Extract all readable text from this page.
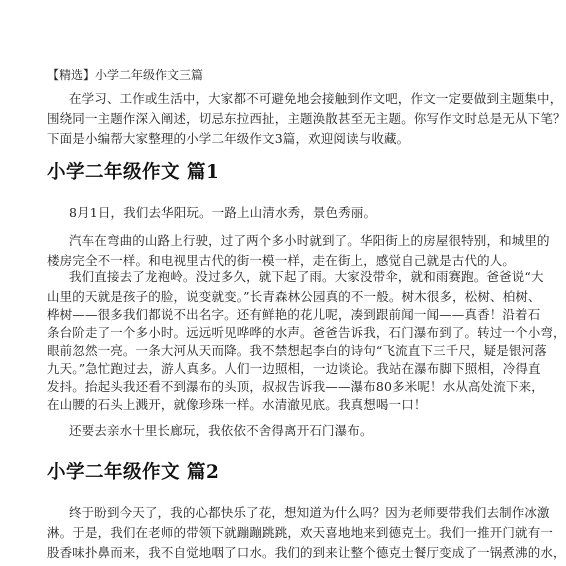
【精选】小学二年级作文三篇
在学习、工作或生活中，大家都不可避免地会接触到作文吧，作文一定要做到主题集中，
围绕同一主题作深入阐述，切忌东拉西扯，主题涣散甚至无主题。你写作文时总是无从下笔？
下面是小编帮大家整理的小学二年级作文3篇，欢迎阅读与收藏。
小学二年级作文 篇1
8月1日，我们去华阳玩。一路上山清水秀，景色秀丽。
汽车在弯曲的山路上行驶，过了两个多小时就到了。华阳街上的房屋很特别，和城里的
楼房完全不一样。和电视里古代的街一模一样，走在街上，感觉自己就是古代的人。
我们直接去了龙袍岭。没过多久，就下起了雨。大家没带伞，就和雨赛跑。爸爸说“大
山里的天就是孩子的脸，说变就变。”长青森林公园真的不一般。树木很多，松树、柏树、
桦树——很多我们都说不出名字。还有鲜艳的花儿呢，凑到跟前闻一闻——真香！沿着石
条台阶走了一个多小时。远远听见哗哗的水声。爸爸告诉我，石门瀑布到了。转过一个小弯，
眼前忽然一亮。一条大河从天而降。我不禁想起李白的诗句“飞流直下三千尺，疑是银河落
九天。”急忙跑过去，游人真多。人们一边照相，一边谈论。我站在瀑布脚下照相，冷得直
发抖。抬起头我还看不到瀑布的头顶，叔叔告诉我——瀑布80多米呢！水从高处流下来，
在山腰的石头上溅开，就像珍珠一样。水清澈见底。我真想喝一口！
还要去亲水十里长廊玩，我依依不舍得离开石门瀑布。
小学二年级作文 篇2
终于盼到今天了，我的心都快乐了花，想知道为什么吗？因为老师要带我们去制作冰激
淋。于是，我们在老师的带领下就蹦蹦跳跳，欢天喜地地来到德克士。我们一推开门就有一
股香味扑鼻而来，我不自觉地咽了口水。我们的到来让整个德克士餐厅变成了一锅煮沸的水，
